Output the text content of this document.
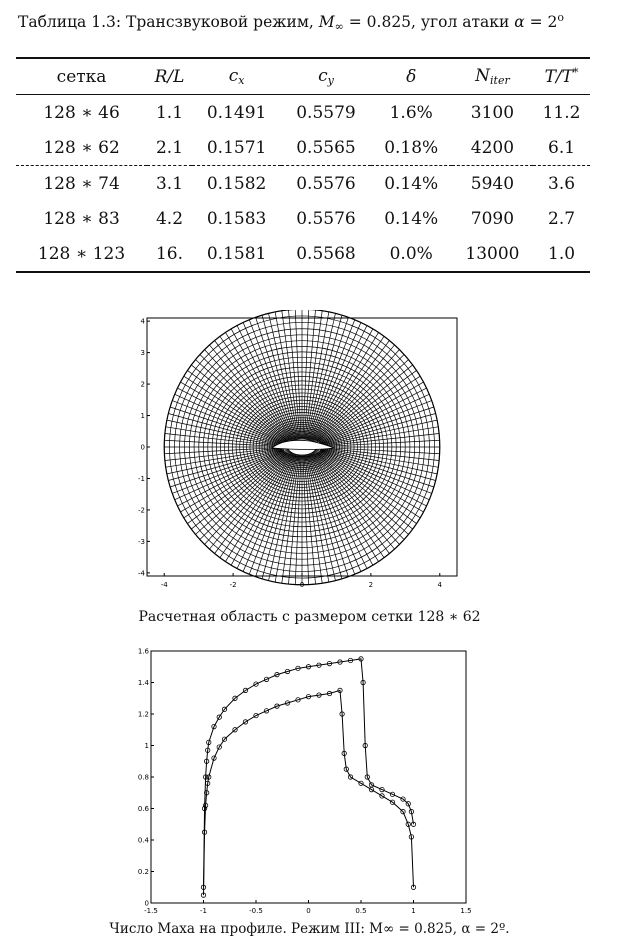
Таблица 1.3: Трансзвуковой режим, $M_\infty = 0.825$, угол атаки $\alpha = 2^o$
сетка	R/L	$c_x$	$c_y$	δ	$N_{iter}$	T/T*
128 ∗ 46	1.1	0.1491	0.5579	1.6%	3100	11.2
128 ∗ 62	2.1	0.1571	0.5565	0.18%	4200	6.1
128 ∗ 74	3.1	0.1582	0.5576	0.14%	5940	3.6
128 ∗ 83	4.2	0.1583	0.5576	0.14%	7090	2.7
128 ∗ 123	16.	0.1581	0.5568	0.0%	13000	1.0
-4	-2	0	2	4
-4
-3
-2
-1
0
1
2
3
4
Расчетная область с размером сетки 128 ∗ 62
-1.5	-1	-0.5	0	0.5	1	1.5
0
0.2
0.4
0.6
0.8
1
1.2
1.4
1.6
Число Маха на профиле. Режим III: M∞ = 0.825, α = 2º.
